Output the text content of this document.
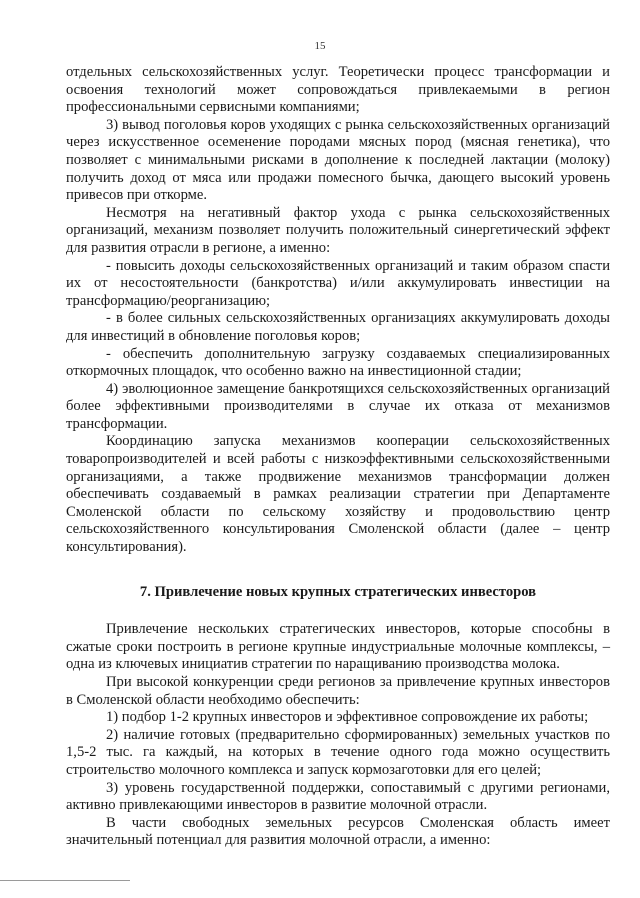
15

отдельных сельскохозяйственных услуг. Теоретически процесс трансформации и освоения технологий может сопровождаться привлекаемыми в регион профессиональными сервисными компаниями;

3) вывод поголовья коров уходящих с рынка сельскохозяйственных организаций через искусственное осеменение породами мясных пород (мясная генетика), что позволяет с минимальными рисками в дополнение к последней лактации (молоку) получить доход от мяса или продажи помесного бычка, дающего высокий уровень привесов при откорме.

Несмотря на негативный фактор ухода с рынка сельскохозяйственных организаций, механизм позволяет получить положительный синергетический эффект для развития отрасли в регионе, а именно:

- повысить доходы сельскохозяйственных организаций и таким образом спасти их от несостоятельности (банкротства) и/или аккумулировать инвестиции на трансформацию/реорганизацию;

- в более сильных сельскохозяйственных организациях аккумулировать доходы для инвестиций в обновление поголовья коров;

- обеспечить дополнительную загрузку создаваемых специализированных откормочных площадок, что особенно важно на инвестиционной стадии;

4) эволюционное замещение банкротящихся сельскохозяйственных организаций более эффективными производителями в случае их отказа от механизмов трансформации.

Координацию запуска механизмов кооперации сельскохозяйственных товаропроизводителей и всей работы с низкоэффективными сельскохозяйственными организациями, а также продвижение механизмов трансформации должен обеспечивать создаваемый в рамках реализации стратегии при Департаменте Смоленской области по сельскому хозяйству и продовольствию центр сельскохозяйственного консультирования Смоленской области (далее – центр консультирования).

7. Привлечение новых крупных стратегических инвесторов

Привлечение нескольких стратегических инвесторов, которые способны в сжатые сроки построить в регионе крупные индустриальные молочные комплексы, – одна из ключевых инициатив стратегии по наращиванию производства молока.

При высокой конкуренции среди регионов за привлечение крупных инвесторов в Смоленской области необходимо обеспечить:

1) подбор 1-2 крупных инвесторов и эффективное сопровождение их работы;

2) наличие готовых (предварительно сформированных) земельных участков по 1,5-2 тыс. га каждый, на которых в течение одного года можно осуществить строительство молочного комплекса и запуск кормозаготовки для его целей;

3) уровень государственной поддержки, сопоставимый с другими регионами, активно привлекающими инвесторов в развитие молочной отрасли.

В части свободных земельных ресурсов Смоленская область имеет значительный потенциал для развития молочной отрасли, а именно:
